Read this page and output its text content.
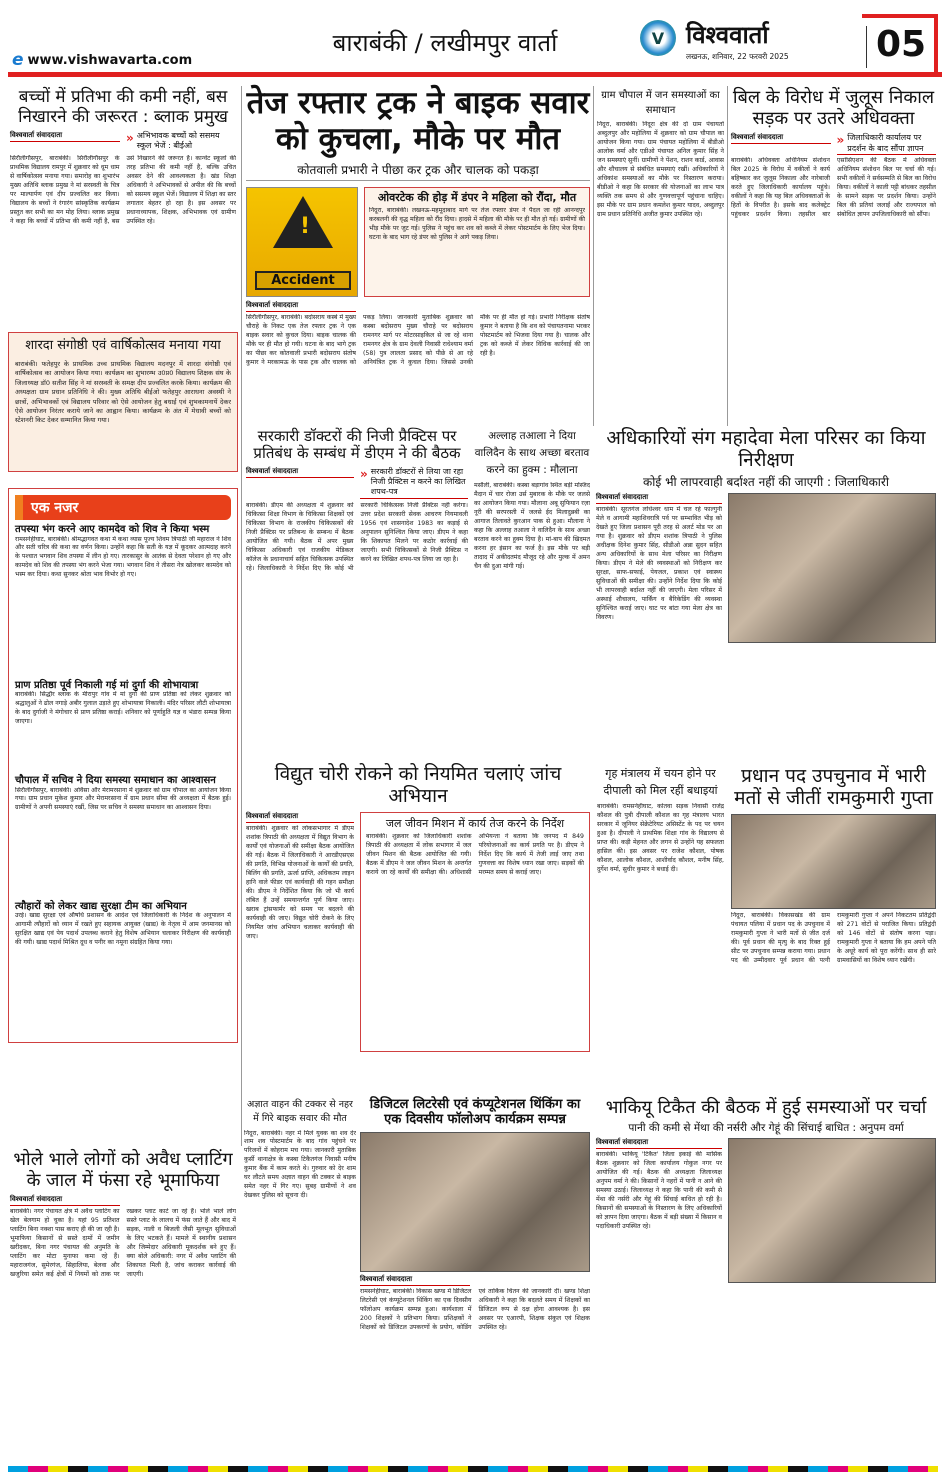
e www.vishwavarta.com
बाराबंकी / लखीमपुर वार्ता	V विश्ववार्ता
लखनऊ, शनिवार, 22 फरवरी 2025 05
बच्चों में प्रतिभा की कमी नहीं, बस निखारने की जरूरत : ब्लाक प्रमुख
विश्ववार्ता संवाददाता	» अभिभावक बच्चों को ससमय स्कूल भेजें : बीईओ
सिरौलीगौसपुर, बाराबंकी। सिरौलीगौसपुर के प्राथमिक विद्यालय रामपुर में शुक्रवार को धूम धाम से वार्षिकोत्सव मनाया गया। समारोह का शुभारंभ मुख्य अतिथि ब्लाक प्रमुख ने मां सरस्वती के चित्र पर माल्यार्पण एवं दीप प्रज्वलित कर किया। विद्यालय के बच्चों ने रंगारंग सांस्कृतिक कार्यक्रम प्रस्तुत कर सभी का मन मोह लिया। ब्लाक प्रमुख ने कहा कि बच्चों में प्रतिभा की कमी नहीं है, बस उसे निखारने की जरूरत है। कान्वेंट स्कूलों की तरह प्रतिभा की कमी नहीं है, बल्कि उचित अवसर देने की आवश्यकता है। खंड शिक्षा अधिकारी ने अभिभावकों से अपील की कि बच्चों को ससमय स्कूल भेजें। विद्यालय में शिक्षा का स्तर लगातार बेहतर हो रहा है। इस अवसर पर प्रधानाध्यापक, शिक्षक, अभिभावक एवं ग्रामीण उपस्थित रहे।
शारदा संगोष्ठी एवं वार्षिकोत्सव मनाया गया
बाराबंकी। फतेहपुर के प्राथमिक उच्च प्राथमिक विद्यालय मदनपुर में शारदा संगोष्ठी एवं वार्षिकोत्सव का आयोजन किया गया। कार्यक्रम का शुभारम्भ उ0प्र0 विद्यालय शिक्षक संघ के जिलाध्यक्ष डॉ0 सतीश सिंह ने मां सरस्वती के समक्ष दीप प्रज्वलित करके किया। कार्यक्रम की अध्यक्षता ग्राम प्रधान प्रतिनिधि ने की। मुख्य अतिथि बीईओ फतेहपुर आराधना अवस्थी ने छात्रों, अभिभावकों एवं विद्यालय परिवार को ऐसे आयोजन हेतु बधाई एवं शुभकामनायें देकर ऐसे आयोजन निरंतर कराये जाने का आह्वान किया। कार्यक्रम के अंत में मेधावी बच्चों को स्टेशनरी किट देकर सम्मानित किया गया।
एक नजर
तपस्या भंग करने आए कामदेव को शिव ने किया भस्म
रामसनेहीघाट, बाराबंकी। श्रीमद्भागवत कथा में कथा व्यास पूज्य शिवम त्रिपाठी जी महाराज ने शिव और सती चरित्र की कथा का वर्णन किया। उन्होंने कहा कि सती के यज्ञ में कूदकर आत्मदाह करने के पश्चात भगवान शिव तपस्या में लीन हो गए। तारकासुर के आतंक से देवता परेशान हो गए और कामदेव को शिव की तपस्या भंग करने भेजा गया। भगवान शिव ने तीसरा नेत्र खोलकर कामदेव को भस्म कर दिया। कथा सुनकर श्रोता भाव विभोर हो गए।
प्राण प्रतिष्ठा पूर्व निकाली गई मां दुर्गा की शोभायात्रा
बाराबंकी। सिद्धौर ब्लाक के मीरापुर गांव में मां दुर्गा की प्राण प्रतिष्ठा को लेकर शुक्रवार को श्रद्धालुओं ने ढोल नगाड़े अबीर गुलाल उड़ाते हुए शोभायात्रा निकाली। मंदिर परिसर लौटी शोभायात्रा के बाद दुर्गाजी ने मंगोचार से प्राण प्रतिष्ठा कराई। शनिवार को पूर्णाहुति यज्ञ व भंडारा सम्पन्न किया जाएगा।
चौपाल में सचिव ने दिया समस्या समाधान का आश्वासन
सिरौलीगौसपुर, बाराबंकी। ओवैसा और मेरामरसाना में शुक्रवार को ग्राम चौपाल का आयोजन किया गया। ग्राम प्रधान मुकेश कुमार और मेरामरसाना में ग्राम प्रधान सीमा की अध्यक्षता में बैठक हुई। ग्रामीणों ने अपनी समस्याएं रखीं, जिस पर सचिव ने समस्या समाधान का आश्वासन दिया।
त्यौहारों को लेकर खाद्य सुरक्षा टीम का अभियान
उरई। खाद्य सुरक्षा एवं औषधि प्रशासन के आदेश एवं जिलाधिकारी के निर्देश के अनुपालन में आगामी त्यौहारों को ध्यान में रखते हुए सहायक आयुक्त (खाद्य) के नेतृत्व में आम जनमानस को सुरक्षित खाद्य एवं पेय पदार्थ उपलब्ध कराने हेतु विशेष अभियान चलाकर निरीक्षण की कार्यवाही की गयी। खाद्य पदार्थ मिश्रित दूध व पनीर का नमूना संग्रहित किया गया।
भोले भाले लोगों को अवैध प्लाटिंग के जाल में फंसा रहे भूमाफिया
विश्ववार्ता संवाददाता
बाराबंकी। नगर पंचायत क्षेत्र में अवैध प्लाटिंग का खेल बेलगाम हो चुका है। यहां 95 प्रतिशत प्लाटिंग बिना नक्शा पास कराए ही की जा रही है। भूमाफिया किसानों से सस्ते दामों में जमीन खरीदकर, बिना नगर पंचायत की अनुमति के प्लाटिंग कर मोटा मुनाफा कमा रहे हैं। महाराजगंज, सुमेरगंज, सिहालिया, बेलवा और खजुरिया समेत कई क्षेत्रों में नियमों को ताक पर रखकर प्लाट काटे जा रहे हैं। भोले भाले लोग सस्ते प्लाट के लालच में फंस जाते हैं और बाद में सड़क, नाली व बिजली जैसी मूलभूत सुविधाओं के लिए भटकते हैं। मामले में स्थानीय प्रशासन और जिम्मेदार अधिकारी मूकदर्शक बने हुए हैं। क्या बोले अधिकारी: नगर में अवैध प्लाटिंग की शिकायत मिली है, जांच कराकर कार्रवाई की जाएगी।
तेज रफ्तार ट्रक ने बाइक सवार को कुचला, मौके पर मौत
कोतवाली प्रभारी ने पीछा कर ट्रक और चालक को पकड़ा
!
Accident
ओवरटेक की होड़ में डंपर ने महिला को रौंदा, मौत
निंदूरा, बाराबंकी। लखनऊ-महमूदाबाद मार्ग पर तेज रफ्तार डंपर ने पैदल जा रही आनन्दपुर करबलनी की वृद्ध महिला को रौंद दिया। हादसे में महिला की मौके पर ही मौत हो गई। ग्रामीणों की भीड़ मौके पर जुट गई। पुलिस ने पहुंच कर शव को कब्जे में लेकर पोस्टमार्टम के लिए भेज दिया। घटना के बाद भाग रहे डंपर को पुलिस ने आगे पकड़ लिया।
विश्ववार्ता संवाददाता
सिरौलीगौसपुर, बाराबंकी। बदोसराय कस्बे में मुख्य चौराहे के निकट एक तेज रफ्तार ट्रक ने एक बाइक सवार को कुचल दिया। बाइक चालक की मौके पर ही मौत हो गयी। घटना के बाद भागे ट्रक का पीछा कर कोतवाली प्रभारी बदोसराय संतोष कुमार ने मरकामऊ के पास ट्रक और चालक को पकड़ लिया। जानकारी मुताबिक शुक्रवार को कस्बा बदोसराय मुख्य चौराहे पर बदोसराय रामनगर मार्ग पर मोटरसाइकिल से जा रहे थाना रामनगर क्षेत्र के ग्राम देवली निवासी राधेश्याम वर्मा (58) पुत्र लालता प्रसाद को पीछे से आ रहे अनियंत्रित ट्रक ने कुचल दिया। जिससे उनकी मौके पर ही मौत हो गई। प्रभारी निरीक्षक संतोष कुमार ने बताया है कि शव को पंचायतनामा भरकर पोस्टमार्टम को भिजवा दिया गया है। चालक और ट्रक को कब्जे में लेकर विधिक कार्रवाई की जा रही है।
सरकारी डॉक्टरों की निजी प्रैक्टिस पर प्रतिबंध के सम्बंध में डीएम ने की बैठक
विश्ववार्ता संवाददाता	» सरकारी डॉक्टरों से लिया जा रहा निजी प्रैक्टिस न करने का लिखित शपथ-पत्र
बाराबंकी। डीएम की अध्यक्षता में शुक्रवार को चिकित्सा शिक्षा विभाग के चिकित्सा शिक्षकों एवं चिकित्सा विभाग के राजकीय चिकित्सकों की निजी प्रैक्टिस पर प्रतिबन्ध के सम्बन्ध में बैठक आयोजित की गयी। बैठक में अपर मुख्य चिकित्सा अधिकारी एवं राजकीय मेडिकल कॉलेज के प्रधानाचार्य सहित चिकित्सक उपस्थित रहे। जिलाधिकारी ने निर्देश दिए कि कोई भी सरकारी चिकित्सक निजी प्रैक्टिस नहीं करेगा। उत्तर प्रदेश सरकारी सेवक आचरण नियमावली 1956 एवं शासनादेश 1983 का कड़ाई से अनुपालन सुनिश्चित किया जाए। डीएम ने कहा कि शिकायत मिलने पर कठोर कार्रवाई की जाएगी। सभी चिकित्सकों से निजी प्रैक्टिस न करने का लिखित शपथ-पत्र लिया जा रहा है।
अल्लाह तआला ने दिया वालिदैन के साथ अच्छा बरताव करने का हुक्म : मौलाना
मसौली, बाराबंकी। कस्बा बड़ागांव स्थित बड़ी मस्जिद मैदान में चार रोजा उर्स मुबारक के मौके पर जलसे का आयोजन किया गया। मौलाना अबू सुफियान रज़ा नूरी की सरपरस्ती में जलसे ईद मिलादुन्नबी का आगाज तिलावते कुरआन पाक से हुआ। मौलाना ने कहा कि अल्लाह तआला ने वालिदैन के साथ अच्छा बरताव करने का हुक्म दिया है। मां-बाप की खिदमत करना हर इंसान का फर्ज है। इस मौके पर बड़ी तादाद में अकीदतमंद मौजूद रहे और मुल्क में अमन चैन की दुआ मांगी गई।
विद्युत चोरी रोकने को नियमित चलाएं जांच अभियान
विश्ववार्ता संवाददाता
बाराबंकी। शुक्रवार को लोकसभागार में डीएम शशांक त्रिपाठी की अध्यक्षता में विद्युत विभाग के कार्यों एवं योजनाओं की समीक्षा बैठक आयोजित की गई। बैठक में जिलाधिकारी ने आरडीएसएस की प्रगति, विभिन्न योजनाओं के कार्यों की प्रगति, बिलिंग की प्रगति, ऊर्जा प्राप्ति, अधिकतम लाइन हानि वाले फीडर एवं कार्यवाही की गहन समीक्षा की। डीएम ने निर्देशित किया कि जो भी कार्य लंबित हैं उन्हें समयान्तर्गत पूर्ण किया जाए। खराब ट्रांसफार्मर को समय पर बदलने की कार्यवाही की जाए। विद्युत चोरी रोकने के लिए नियमित जांच अभियान चलाकर कार्यवाही की जाए।
जल जीवन मिशन में कार्य तेज करने के निर्देश
बाराबंकी। शुक्रवार को जिलाधिकारी शशांक त्रिपाठी की अध्यक्षता में लोक सभागार में जल जीवन मिशन की बैठक आयोजित की गयी। बैठक में डीएम ने जल जीवन मिशन के अन्तर्गत कराये जा रहे कार्यों की समीक्षा की। अधिशासी अभियन्ता ने बताया कि जनपद में 849 परियोजनाओं का कार्य प्रगति पर है। डीएम ने निर्देश दिए कि कार्य में तेजी लाई जाए तथा गुणवत्ता का विशेष ध्यान रखा जाए। सड़कों की मरम्मत समय से कराई जाए।
अज्ञात वाहन की टक्कर से नहर में गिरे बाइक सवार की मौत
निंदूरा, बाराबंकी। नहर में मिले युवक का शव देर शाम शव पोस्टमार्टम के बाद गांव पहुंचने पर परिजनों में कोहराम मच गया। जानकारी मुताबिक कुर्सी थानाक्षेत्र के कस्बा टिकैतगंज निवासी मनीष कुमार बैंक में काम करते थे। गुरुवार को देर शाम घर लौटते समय अज्ञात वाहन की टक्कर से बाइक समेत नहर में गिर गए। सुबह ग्रामीणों ने शव देखकर पुलिस को सूचना दी।
डिजिटल लिटरेसी एवं कंप्यूटेशनल थिंकिंग का एक दिवसीय फॉलोअप कार्यक्रम सम्पन्न
विश्ववार्ता संवाददाता
रामसनेहीघाट, बाराबंकी। विकास खण्ड में डिजिटल लिटरेसी एवं कंप्यूटेशनल थिंकिंग का एक दिवसीय फॉलोअप कार्यक्रम सम्पन्न हुआ। कार्यशाला में 200 शिक्षकों ने प्रतिभाग किया। प्रशिक्षकों ने शिक्षकों को डिजिटल उपकरणों के प्रयोग, कोडिंग एवं तार्किक चिंतन की जानकारी दी। खण्ड शिक्षा अधिकारी ने कहा कि बदलते समय में शिक्षकों का डिजिटल रूप से दक्ष होना आवश्यक है। इस अवसर पर एआरपी, शिक्षक संकुल एवं शिक्षक उपस्थित रहे।
ग्राम चौपाल में जन समस्याओं का समाधान
निंदूरा, बाराबंकी। निंदूरा क्षेत्र की दो ग्राम पंचायतों अब्दुलपुर और महोलिया में शुक्रवार को ग्राम चौपाल का आयोजन किया गया। ग्राम पंचायत महोलिया में बीडीओ आलोक वर्मा और एडीओ पंचायत अनिल कुमार सिंह ने जन समस्याएं सुनीं। ग्रामीणों ने पेंशन, राशन कार्ड, आवास और शौचालय से संबंधित समस्याएं रखीं। अधिकारियों ने अधिकांश समस्याओं का मौके पर निस्तारण कराया। बीडीओ ने कहा कि सरकार की योजनाओं का लाभ पात्र व्यक्ति तक समय से और गुणवत्तापूर्ण पहुंचाना चाहिए। इस मौके पर ग्राम प्रधान कमलेश कुमार यादव, अब्दुलपुर ग्राम प्रधान प्रतिनिधि अजीत कुमार उपस्थित रहे।
बिल के विरोध में जुलूस निकाल सड़क पर उतरे अधिवक्ता
विश्ववार्ता संवाददाता	» जिलाधिकारी कार्यालय पर प्रदर्शन के बाद सौंपा ज्ञापन
बाराबंकी। अधिवक्ता अधिनियम संशोधन बिल 2025 के विरोध में वकीलों ने कार्य बहिष्कार कर जुलूस निकाला और नारेबाजी करते हुए जिलाधिकारी कार्यालय पहुंचे। वकीलों ने कहा कि यह बिल अधिवक्ताओं के हितों के विपरीत है। इसके बाद कलेक्ट्रेट पहुंचकर प्रदर्शन किया। तहसील बार एसोसिएशन की बैठक में अधिवक्ता अधिनियम संशोधन बिल पर चर्चा की गई। सभी वकीलों ने सर्वसम्मति से बिल का विरोध किया। वकीलों ने काली पट्टी बांधकर तहसील के सामने सड़क पर प्रदर्शन किया। उन्होंने बिल की प्रतियां जलाईं और राज्यपाल को संबोधित ज्ञापन उपजिलाधिकारी को सौंपा।
अधिकारियों संग महादेवा मेला परिसर का किया निरीक्षण
कोई भी लापरवाही बर्दाश्त नहीं की जाएगी : जिलाधिकारी
विश्ववार्ता संवाददाता
बाराबंकी। सूरतगंज लोधेश्वर धाम में चल रहे फाल्गुनी मेले व आगामी महाशिवरात्रि पर्व पर सम्भावित भीड़ को देखते हुए जिला प्रशासन पूरी तरह से अलर्ट मोड पर आ गया है। शुक्रवार को डीएम शशांक त्रिपाठी ने पुलिस अधीक्षक दिनेश कुमार सिंह, सीडीओ अन्ना सुदन सहित अन्य अधिकारियों के साथ मेला परिसर का निरीक्षण किया। डीएम ने मेले की व्यवस्थाओं को निरीक्षण कर सुरक्षा, साफ-सफाई, पेयजल, प्रकाश एवं स्वास्थ्य सुविधाओं की समीक्षा की। उन्होंने निर्देश दिया कि कोई भी लापरवाही बर्दाश्त नहीं की जाएगी। मेला परिसर में अस्थाई शौचालय, पार्किंग व बैरिकेडिंग की व्यवस्था सुनिश्चित कराई जाए। घाट पर बांटा गया मेला क्षेत्र का विवरण।
गृह मंत्रालय में चयन होने पर दीपाली को मिल रहीं बधाइयां
बाराबंकी। रामसनेहीघाट, कोतवा सड़क निवासी राजेंद्र कौशल की पुत्री दीपाली कौशल का गृह मंत्रालय भारत सरकार में जूनियर सेक्रेटेरियट असिस्टेंट के पद पर चयन हुआ है। दीपाली ने प्राथमिक शिक्षा गांव के विद्यालय से प्राप्त की। कड़ी मेहनत और लगन से उन्होंने यह सफलता हासिल की। इस अवसर पर राजेश कौशल, पोषक कौशल, आलोक कौशल, आशीर्वाद कौशल, मनीष सिंह, दुर्गेश वर्मा, सुधीर कुमार ने बधाई दी।
प्रधान पद उपचुनाव में भारी मतों से जीतीं रामकुमारी गुप्ता
निंदूरा, बाराबंकी। विकासखंड की ग्राम पंचायत पलिया में प्रधान पद के उपचुनाव में रामकुमारी गुप्ता ने भारी मतों से जीत दर्ज की। पूर्व प्रधान की मृत्यु के बाद रिक्त हुई सीट पर उपचुनाव सम्पन्न कराया गया। प्रधान पद की उम्मीदवार पूर्व प्रधान की पत्नी रामकुमारी गुप्ता ने अपने निकटतम प्रतिद्वंदी को 271 वोटों से पराजित किया। प्रतिद्वंदी को 146 वोटों से संतोष करना पड़ा। रामकुमारी गुप्ता ने बताया कि हम अपने पति के अधूरे कार्य को पूरा करेंगी। साथ ही सारे ग्रामवासियों का विशेष ध्यान रखेंगी।
भाकियू टिकैत की बैठक में हुई समस्याओं पर चर्चा
पानी की कमी से मेंथा की नर्सरी और गेहूं की सिंचाई बाधित : अनुपम वर्मा
विश्ववार्ता संवाददाता
बाराबंकी। भाकियू 'टिकैत' जिला इकाई की मासिक बैठक शुक्रवार को जिला कार्यालय गोकुल नगर पर आयोजित की गई। बैठक की अध्यक्षता जिलाध्यक्ष अनुपम वर्मा ने की। किसानों ने नहरों में पानी न आने की समस्या उठाई। जिलाध्यक्ष ने कहा कि पानी की कमी से मेंथा की नर्सरी और गेहूं की सिंचाई बाधित हो रही है। किसानों की समस्याओं के निस्तारण के लिए अधिकारियों को ज्ञापन दिया जाएगा। बैठक में बड़ी संख्या में किसान व पदाधिकारी उपस्थित रहे।
